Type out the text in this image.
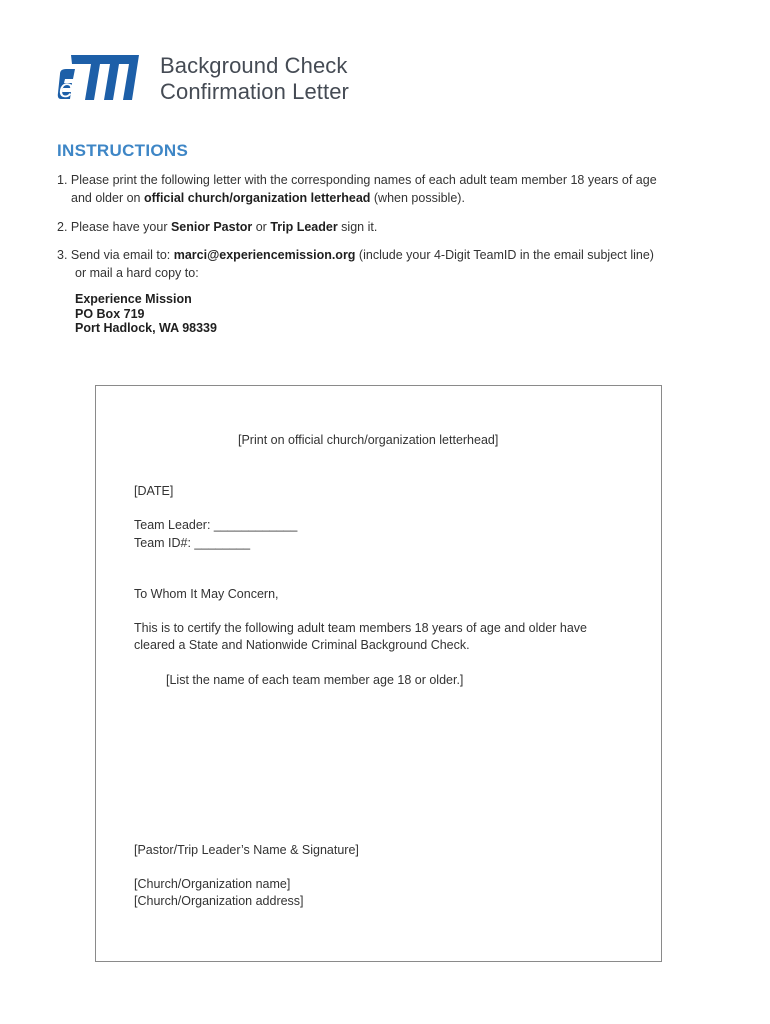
e
Background Check
Confirmation Letter
INSTRUCTIONS
1. Please print the following letter with the corresponding names of each adult team member 18 years of age
and older on official church/organization letterhead (when possible).
2. Please have your Senior Pastor or Trip Leader sign it.
3. Send via email to: marci@experiencemission.org (include your 4-Digit TeamID in the email subject line)
or mail a hard copy to:
Experience Mission
PO Box 719
Port Hadlock, WA 98339
[Print on official church/organization letterhead]
[DATE]
Team Leader: ____________
Team ID#: ________
To Whom It May Concern,
This is to certify the following adult team members 18 years of age and older have
cleared a State and Nationwide Criminal Background Check.
[List the name of each team member age 18 or older.]
[Pastor/Trip Leader’s Name & Signature]
[Church/Organization name]
[Church/Organization address]
